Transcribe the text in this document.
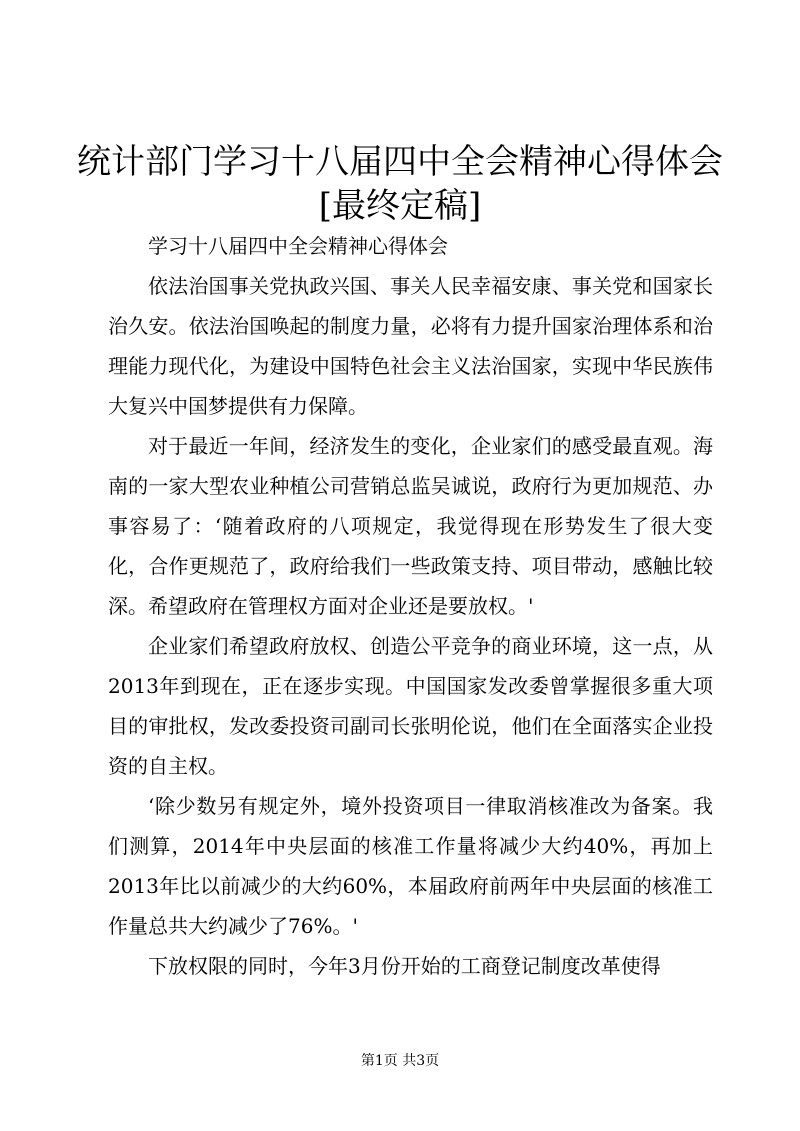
统计部门学习十八届四中全会精神心得体会
[最终定稿]

学习十八届四中全会精神心得体会

依法治国事关党执政兴国、事关人民幸福安康、事关党和国家长治久安。依法治国唤起的制度力量，必将有力提升国家治理体系和治理能力现代化，为建设中国特色社会主义法治国家，实现中华民族伟大复兴中国梦提供有力保障。

对于最近一年间，经济发生的变化，企业家们的感受最直观。海南的一家大型农业种植公司营销总监吴诚说，政府行为更加规范、办事容易了：‘随着政府的八项规定，我觉得现在形势发生了很大变化，合作更规范了，政府给我们一些政策支持、项目带动，感触比较深。希望政府在管理权方面对企业还是要放权。'

企业家们希望政府放权、创造公平竞争的商业环境，这一点，从2013年到现在，正在逐步实现。中国国家发改委曾掌握很多重大项目的审批权，发改委投资司副司长张明伦说，他们在全面落实企业投资的自主权。

‘除少数另有规定外，境外投资项目一律取消核准改为备案。我们测算，2014年中央层面的核准工作量将减少大约40%，再加上2013年比以前减少的大约60%，本届政府前两年中央层面的核准工作量总共大约减少了76%。'

下放权限的同时，今年3月份开始的工商登记制度改革使得

第1页 共3页
